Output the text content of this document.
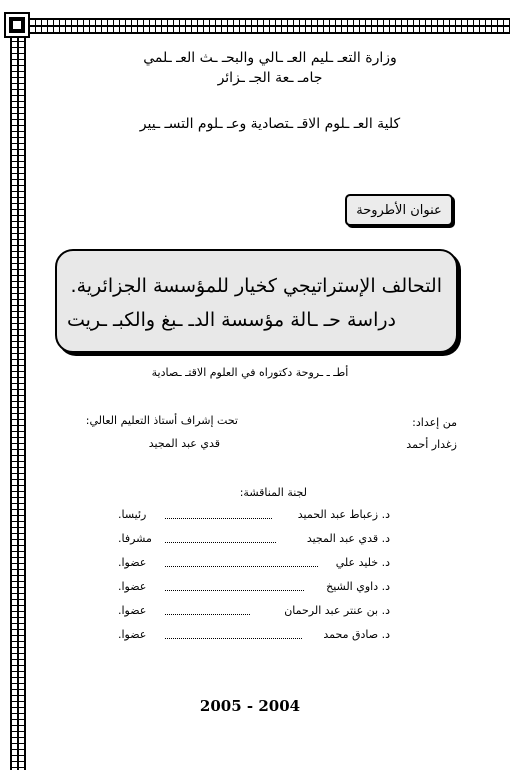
وزارة التعـ ـليم العـ ـالي والبحـ ـث العـ ـلمي
جامـ ـعة الجـ ـزائر
كلية العـ ـلوم الاقـ ـتصادية وعـ ـلوم التسـ ـيير
عنوان الأطروحة
التحالف الإستراتيجي كخيار للمؤسسة الجزائرية.
دراسة حـ ـالة مؤسسة الدـ ـبغ والكبـ ـريت
أطـ ـ ـروحة دكتوراه في العلوم الاقتـ ـصادية
من إعداد:
زغدار أحمد
تحت إشراف أستاذ التعليم العالي:
قدي عبد المجيد
لجنة المناقشة:
د. زعباط عبد الحميد
رئيسا.
د. قدي عبد المجيد
مشرفا.
د. خليد علي
عضوا.
د. داوي الشيخ
عضوا.
د. بن عنتر عبد الرحمان
عضوا.
د. صادق محمد
عضوا.
2005 - 2004
